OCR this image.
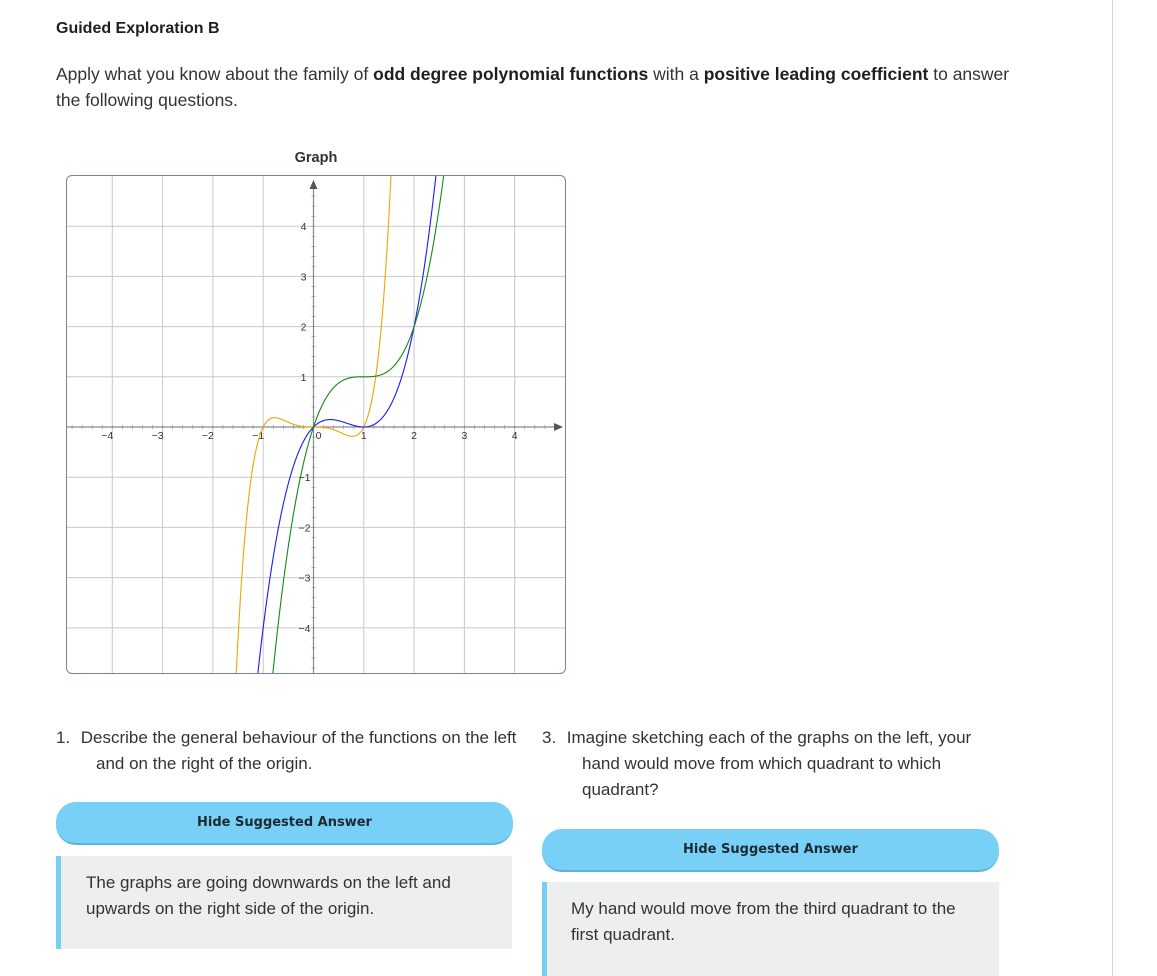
Guided Exploration B
Apply what you know about the family of odd degree polynomial functions with a positive leading coefficient to answer the following questions.
Graph
−4	−3	−2	−1	0	1	2	3	4
1
2
3
4
−1
−2
−3
−4
1. Describe the general behaviour of the functions on the left and on the right of the origin.
3. Imagine sketching each of the graphs on the left, your hand would move from which quadrant to which quadrant?
Hide Suggested Answer
The graphs are going downwards on the left and upwards on the right side of the origin.
Hide Suggested Answer
My hand would move from the third quadrant to the first quadrant.
